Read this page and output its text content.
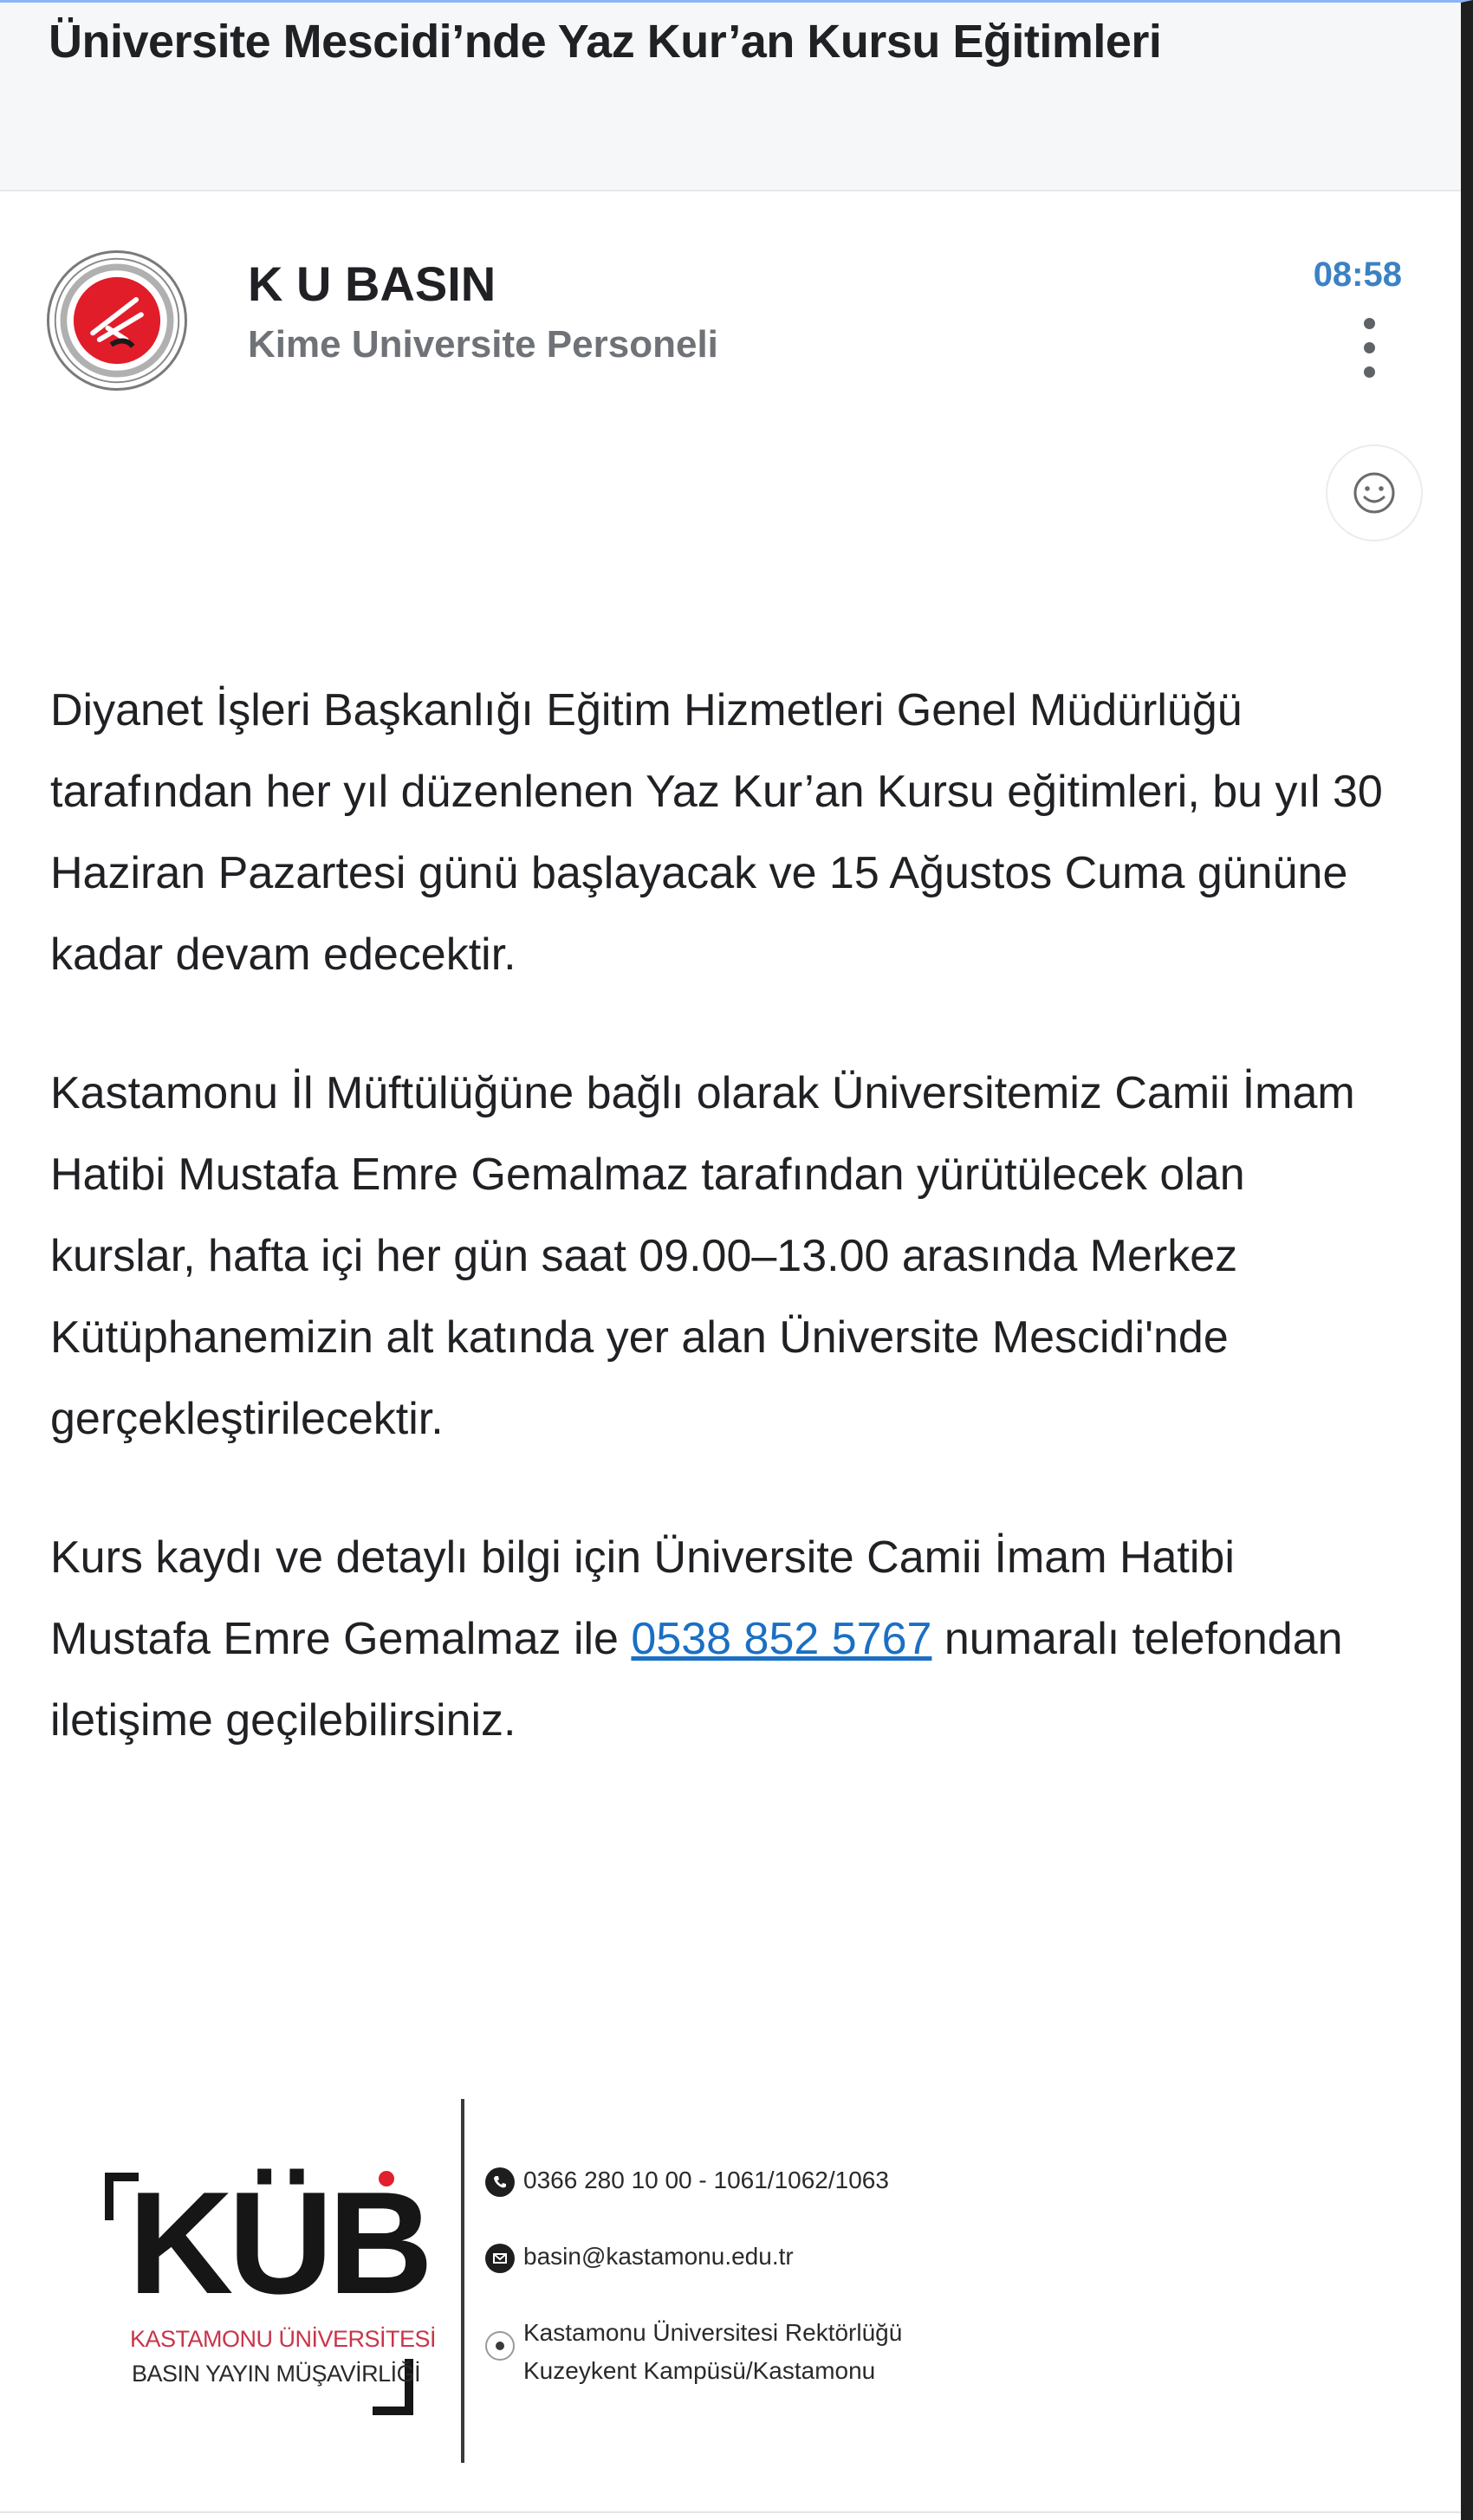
Üniversite Mescidi’nde Yaz Kur’an Kursu Eğitimleri
K U BASIN
Kime Universite Personeli
08:58

Diyanet İşleri Başkanlığı Eğitim Hizmetleri Genel Müdürlüğü tarafından her yıl düzenlenen Yaz Kur’an Kursu eğitimleri, bu yıl 30 Haziran Pazartesi günü başlayacak ve 15 Ağustos Cuma gününe kadar devam edecektir.

Kastamonu İl Müftülüğüne bağlı olarak Üniversitemiz Camii İmam Hatibi Mustafa Emre Gemalmaz tarafından yürütülecek olan kurslar, hafta içi her gün saat 09.00–13.00 arasında Merkez Kütüphanemizin alt katında yer alan Üniversite Mescidi'nde gerçekleştirilecektir.

Kurs kaydı ve detaylı bilgi için Üniversite Camii İmam Hatibi Mustafa Emre Gemalmaz ile 0538 852 5767 numaralı telefondan iletişime geçilebilirsiniz.

KÜB
KASTAMONU ÜNİVERSİTESİ
BASIN YAYIN MÜŞAVİRLİĞİ
0366 280 10 00 - 1061/1062/1063
basin@kastamonu.edu.tr
Kastamonu Üniversitesi Rektörlüğü
Kuzeykent Kampüsü/Kastamonu
